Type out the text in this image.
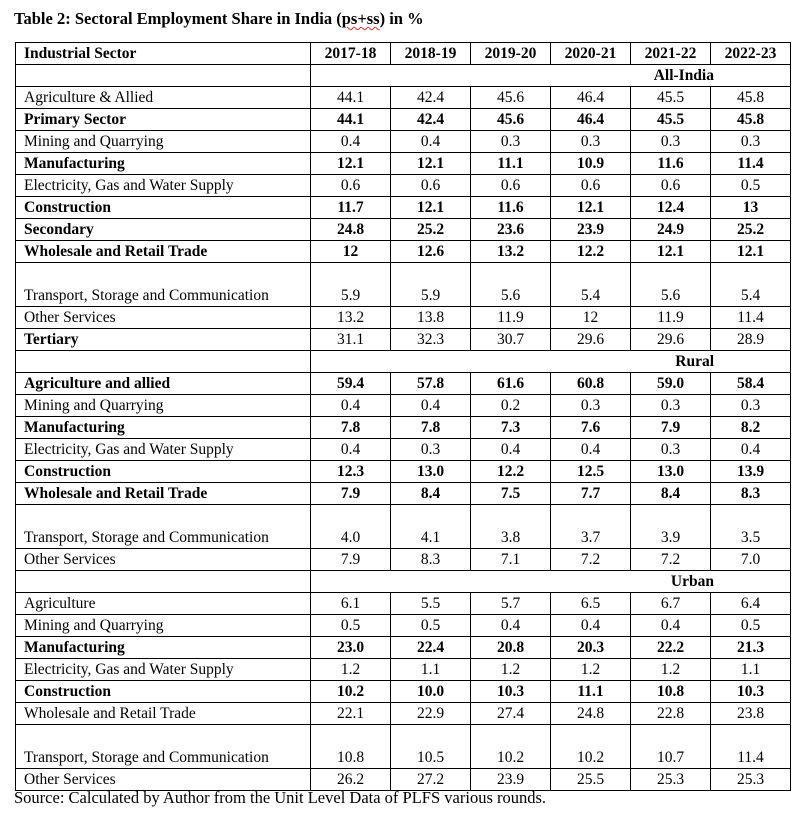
Table 2: Sectoral Employment Share in India (ps+ss) in %
Industrial Sector	2017-18	2018-19	2019-20	2020-21	2021-22	2022-23
	All-India					
Agriculture & Allied	44.1	42.4	45.6	46.4	45.5	45.8
Primary Sector	44.1	42.4	45.6	46.4	45.5	45.8
Mining and Quarrying	0.4	0.4	0.3	0.3	0.3	0.3
Manufacturing	12.1	12.1	11.1	10.9	11.6	11.4
Electricity, Gas and Water Supply	0.6	0.6	0.6	0.6	0.6	0.5
Construction	11.7	12.1	11.6	12.1	12.4	13
Secondary	24.8	25.2	23.6	23.9	24.9	25.2
Wholesale and Retail Trade	12	12.6	13.2	12.2	12.1	12.1
Transport, Storage and Communication	5.9	5.9	5.6	5.4	5.6	5.4
Other Services	13.2	13.8	11.9	12	11.9	11.4
Tertiary	31.1	32.3	30.7	29.6	29.6	28.9
	Rural					
Agriculture and allied	59.4	57.8	61.6	60.8	59.0	58.4
Mining and Quarrying	0.4	0.4	0.2	0.3	0.3	0.3
Manufacturing	7.8	7.8	7.3	7.6	7.9	8.2
Electricity, Gas and Water Supply	0.4	0.3	0.4	0.4	0.3	0.4
Construction	12.3	13.0	12.2	12.5	13.0	13.9
Wholesale and Retail Trade	7.9	8.4	7.5	7.7	8.4	8.3
Transport, Storage and Communication	4.0	4.1	3.8	3.7	3.9	3.5
Other Services	7.9	8.3	7.1	7.2	7.2	7.0
	Urban					
Agriculture	6.1	5.5	5.7	6.5	6.7	6.4
Mining and Quarrying	0.5	0.5	0.4	0.4	0.4	0.5
Manufacturing	23.0	22.4	20.8	20.3	22.2	21.3
Electricity, Gas and Water Supply	1.2	1.1	1.2	1.2	1.2	1.1
Construction	10.2	10.0	10.3	11.1	10.8	10.3
Wholesale and Retail Trade	22.1	22.9	27.4	24.8	22.8	23.8
Transport, Storage and Communication	10.8	10.5	10.2	10.2	10.7	11.4
Other Services	26.2	27.2	23.9	25.5	25.3	25.3
Source: Calculated by Author from the Unit Level Data of PLFS various rounds.
